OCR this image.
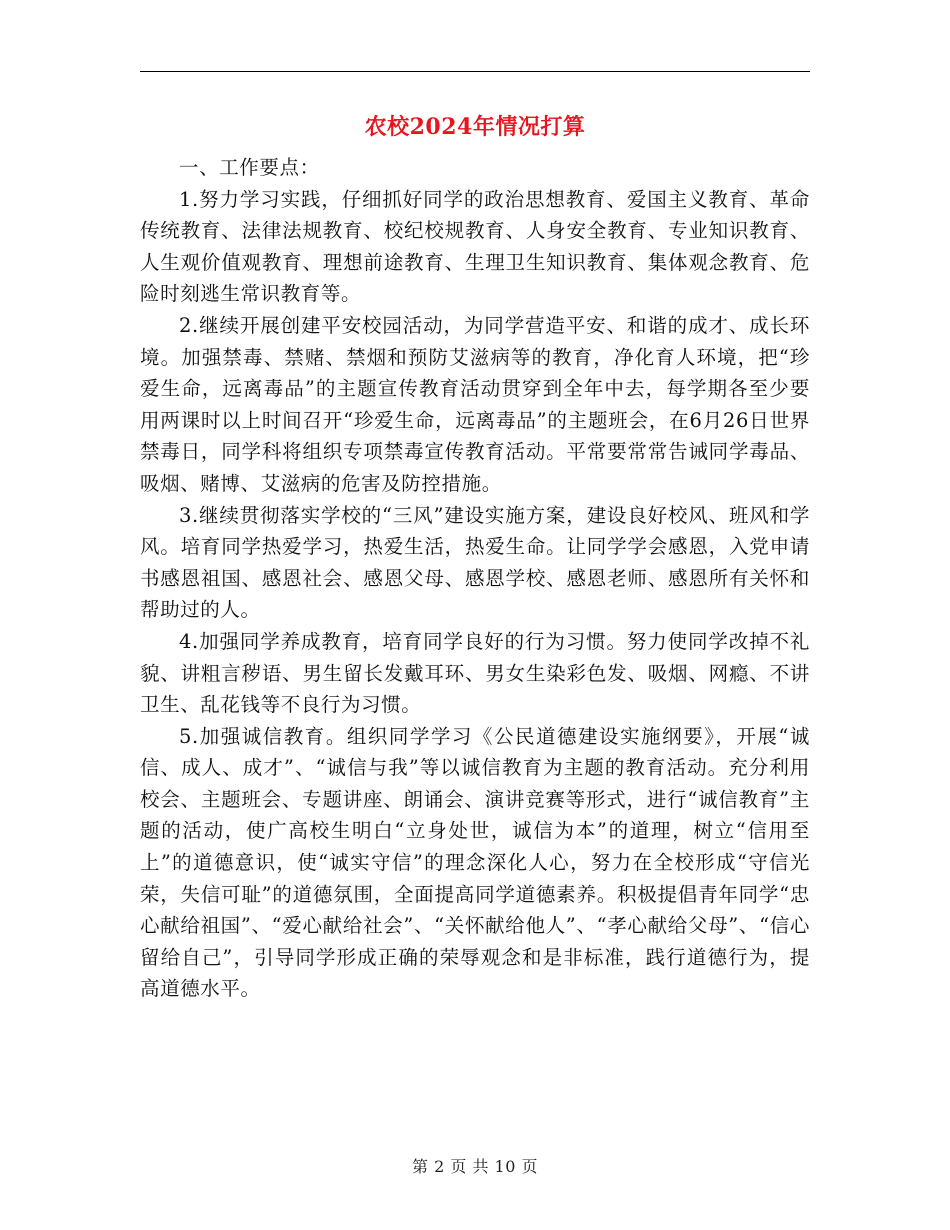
农校2024年情况打算

一、工作要点：

1.努力学习实践，仔细抓好同学的政治思想教育、爱国主义教育、革命传统教育、法律法规教育、校纪校规教育、人身安全教育、专业知识教育、人生观价值观教育、理想前途教育、生理卫生知识教育、集体观念教育、危险时刻逃生常识教育等。

2.继续开展创建平安校园活动，为同学营造平安、和谐的成才、成长环境。加强禁毒、禁赌、禁烟和预防艾滋病等的教育，净化育人环境，把“珍爱生命，远离毒品”的主题宣传教育活动贯穿到全年中去，每学期各至少要用两课时以上时间召开“珍爱生命，远离毒品”的主题班会，在6月26日世界禁毒日，同学科将组织专项禁毒宣传教育活动。平常要常常告诫同学毒品、吸烟、赌博、艾滋病的危害及防控措施。

3.继续贯彻落实学校的“三风”建设实施方案，建设良好校风、班风和学风。培育同学热爱学习，热爱生活，热爱生命。让同学学会感恩，入党申请书感恩祖国、感恩社会、感恩父母、感恩学校、感恩老师、感恩所有关怀和帮助过的人。

4.加强同学养成教育，培育同学良好的行为习惯。努力使同学改掉不礼貌、讲粗言秽语、男生留长发戴耳环、男女生染彩色发、吸烟、网瘾、不讲卫生、乱花钱等不良行为习惯。

5.加强诚信教育。组织同学学习《公民道德建设实施纲要》，开展“诚信、成人、成才”、“诚信与我”等以诚信教育为主题的教育活动。充分利用校会、主题班会、专题讲座、朗诵会、演讲竞赛等形式，进行“诚信教育”主题的活动，使广高校生明白“立身处世，诚信为本”的道理，树立“信用至上”的道德意识，使“诚实守信”的理念深化人心，努力在全校形成“守信光荣，失信可耻”的道德氛围，全面提高同学道德素养。积极提倡青年同学“忠心献给祖国”、“爱心献给社会”、“关怀献给他人”、“孝心献给父母”、“信心留给自己”，引导同学形成正确的荣辱观念和是非标准，践行道德行为，提高道德水平。

第 2 页 共 10 页
